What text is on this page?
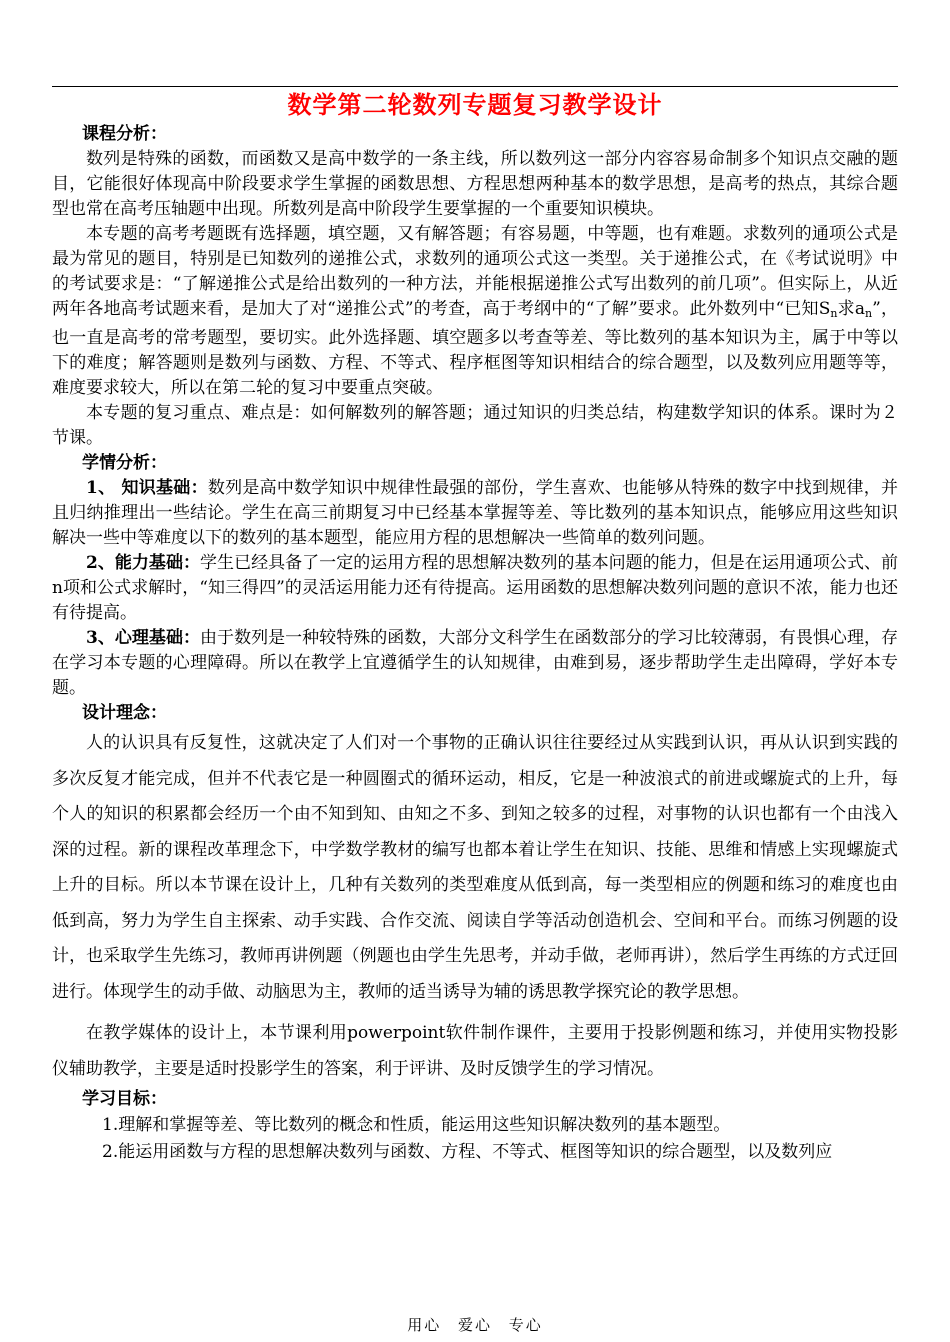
数学第二轮数列专题复习教学设计

课程分析：

数列是特殊的函数，而函数又是高中数学的一条主线，所以数列这一部分内容容易命制多个知识点交融的题目，它能很好体现高中阶段要求学生掌握的函数思想、方程思想两种基本的数学思想，是高考的热点，其综合题型也常在高考压轴题中出现。所数列是高中阶段学生要掌握的一个重要知识模块。

本专题的高考考题既有选择题，填空题，又有解答题；有容易题，中等题，也有难题。求数列的通项公式是最为常见的题目，特别是已知数列的递推公式，求数列的通项公式这一类型。关于递推公式，在《考试说明》中的考试要求是：“了解递推公式是给出数列的一种方法，并能根据递推公式写出数列的前几项”。但实际上，从近两年各地高考试题来看，是加大了对“递推公式”的考查，高于考纲中的“了解”要求。此外数列中“已知$S_n$求$a_n$”，也一直是高考的常考题型，要切实。此外选择题、填空题多以考查等差、等比数列的基本知识为主，属于中等以下的难度；解答题则是数列与函数、方程、不等式、程序框图等知识相结合的综合题型，以及数列应用题等等，难度要求较大，所以在第二轮的复习中要重点突破。

本专题的复习重点、难点是：如何解数列的解答题；通过知识的归类总结，构建数学知识的体系。课时为２节课。

学情分析：

1、 知识基础：数列是高中数学知识中规律性最强的部份，学生喜欢、也能够从特殊的数字中找到规律，并且归纳推理出一些结论。学生在高三前期复习中已经基本掌握等差、等比数列的基本知识点，能够应用这些知识解决一些中等难度以下的数列的基本题型，能应用方程的思想解决一些简单的数列问题。

2、能力基础：学生已经具备了一定的运用方程的思想解决数列的基本问题的能力，但是在运用通项公式、前n项和公式求解时，“知三得四”的灵活运用能力还有待提高。运用函数的思想解决数列问题的意识不浓，能力也还有待提高。

3、心理基础：由于数列是一种较特殊的函数，大部分文科学生在函数部分的学习比较薄弱，有畏惧心理，存在学习本专题的心理障碍。所以在教学上宜遵循学生的认知规律，由难到易，逐步帮助学生走出障碍，学好本专题。

设计理念：

人的认识具有反复性，这就决定了人们对一个事物的正确认识往往要经过从实践到认识，再从认识到实践的多次反复才能完成，但并不代表它是一种圆圈式的循环运动，相反，它是一种波浪式的前进或螺旋式的上升，每个人的知识的积累都会经历一个由不知到知、由知之不多、到知之较多的过程，对事物的认识也都有一个由浅入深的过程。新的课程改革理念下，中学数学教材的编写也都本着让学生在知识、技能、思维和情感上实现螺旋式上升的目标。所以本节课在设计上，几种有关数列的类型难度从低到高，每一类型相应的例题和练习的难度也由低到高，努力为学生自主探索、动手实践、合作交流、阅读自学等活动创造机会、空间和平台。而练习例题的设计，也采取学生先练习，教师再讲例题（例题也由学生先思考，并动手做，老师再讲），然后学生再练的方式迂回进行。体现学生的动手做、动脑思为主，教师的适当诱导为辅的诱思教学探究论的教学思想。

在教学媒体的设计上，本节课利用powerpoint软件制作课件，主要用于投影例题和练习，并使用实物投影仪辅助教学，主要是适时投影学生的答案，利于评讲、及时反馈学生的学习情况。

学习目标：

1.理解和掌握等差、等比数列的概念和性质，能运用这些知识解决数列的基本题型。

2.能运用函数与方程的思想解决数列与函数、方程、不等式、框图等知识的综合题型，以及数列应

用心 爱心 专心
